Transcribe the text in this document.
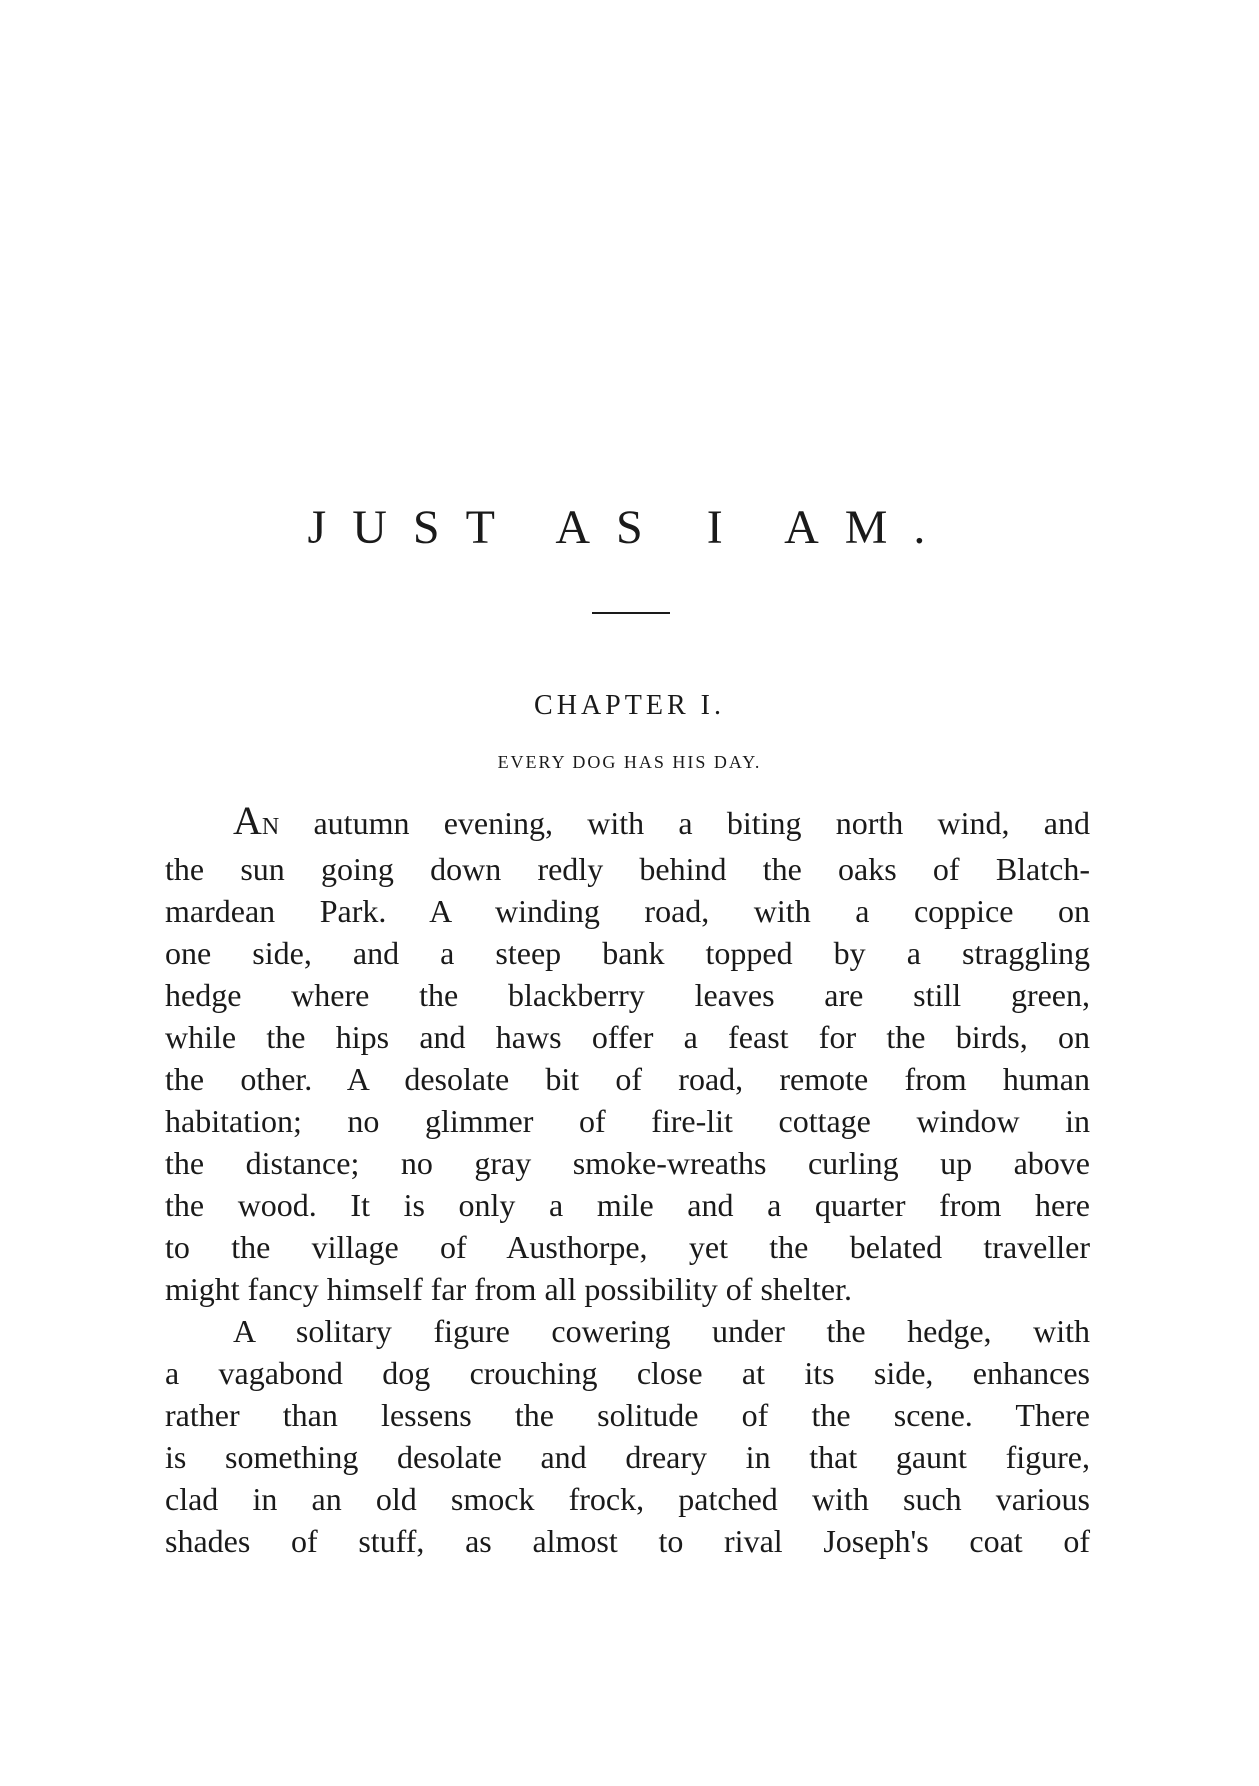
JUST AS I AM.
CHAPTER I.
EVERY DOG HAS HIS DAY.
AN autumn evening, with a biting north wind, and
the sun going down redly behind the oaks of Blatch-
mardean Park. A winding road, with a coppice on
one side, and a steep bank topped by a straggling
hedge where the blackberry leaves are still green,
while the hips and haws offer a feast for the birds, on
the other. A desolate bit of road, remote from human
habitation; no glimmer of fire-lit cottage window in
the distance; no gray smoke-wreaths curling up above
the wood. It is only a mile and a quarter from here
to the village of Austhorpe, yet the belated traveller
might fancy himself far from all possibility of shelter.
A solitary figure cowering under the hedge, with
a vagabond dog crouching close at its side, enhances
rather than lessens the solitude of the scene. There
is something desolate and dreary in that gaunt figure,
clad in an old smock frock, patched with such various
shades of stuff, as almost to rival Joseph's coat of
